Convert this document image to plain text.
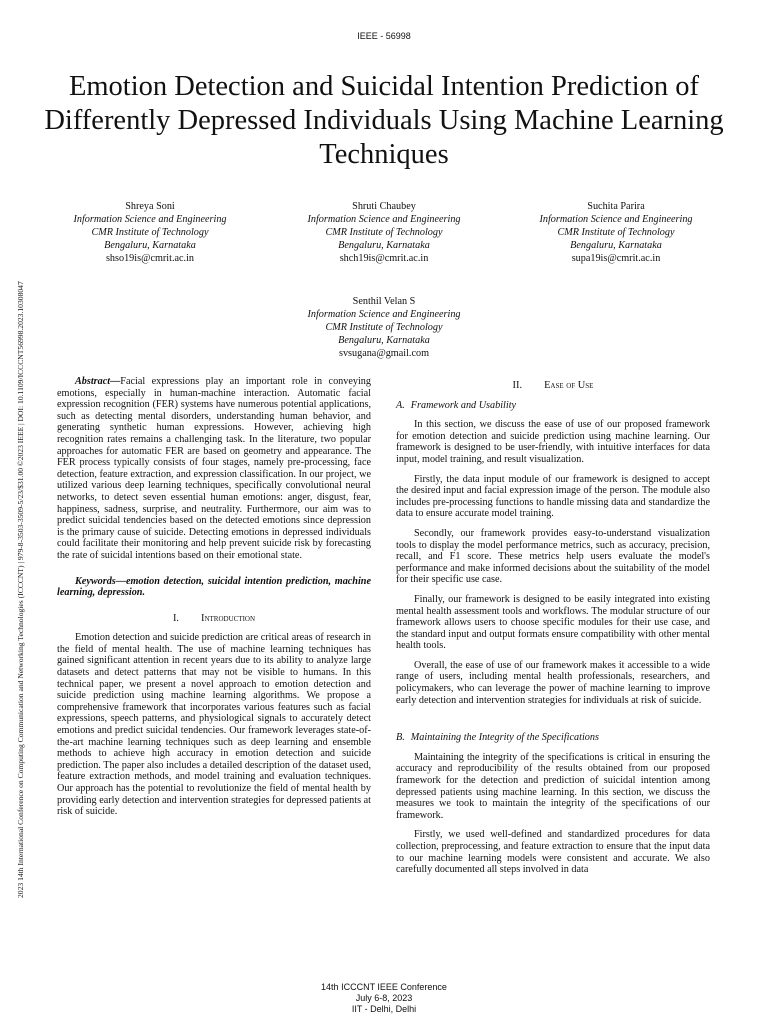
IEEE - 56998
2023 14th International Conference on Computing Communication and Networking Technologies (ICCCNT) | 979-8-3503-3509-5/23/$31.00 ©2023 IEEE | DOI: 10.1109/ICCCNT56998.2023.10308047
Emotion Detection and Suicidal Intention Prediction of Differently Depressed Individuals Using Machine Learning Techniques
Shreya Soni
Information Science and Engineering
CMR Institute of Technology
Bengaluru, Karnataka
shso19is@cmrit.ac.in
Shruti Chaubey
Information Science and Engineering
CMR Institute of Technology
Bengaluru, Karnataka
shch19is@cmrit.ac.in
Suchita Parira
Information Science and Engineering
CMR Institute of Technology
Bengaluru, Karnataka
supa19is@cmrit.ac.in
Senthil Velan S
Information Science and Engineering
CMR Institute of Technology
Bengaluru, Karnataka
svsugana@gmail.com

Abstract—Facial expressions play an important role in conveying emotions, especially in human-machine interaction. Automatic facial expression recognition (FER) systems have numerous potential applications, such as detecting mental disorders, understanding human behavior, and generating synthetic human expressions. However, achieving high recognition rates remains a challenging task. In the literature, two popular approaches for automatic FER are based on geometry and appearance. The FER process typically consists of four stages, namely pre-processing, face detection, feature extraction, and expression classification. In our project, we utilized various deep learning techniques, specifically convolutional neural networks, to detect seven essential human emotions: anger, disgust, fear, happiness, sadness, surprise, and neutrality. Furthermore, our aim was to predict suicidal tendencies based on the detected emotions since depression is the primary cause of suicide. Detecting emotions in depressed individuals could facilitate their monitoring and help prevent suicide risk by forecasting the rate of suicidal intentions based on their emotional state.

Keywords—emotion detection, suicidal intention prediction, machine learning, depression.

I. Introduction

Emotion detection and suicide prediction are critical areas of research in the field of mental health. The use of machine learning techniques has gained significant attention in recent years due to its ability to analyze large datasets and detect patterns that may not be visible to humans. In this technical paper, we present a novel approach to emotion detection and suicide prediction using machine learning algorithms. We propose a comprehensive framework that incorporates various features such as facial expressions, speech patterns, and physiological signals to accurately detect emotions and predict suicidal tendencies. Our framework leverages state-of-the-art machine learning techniques such as deep learning and ensemble methods to achieve high accuracy in emotion detection and suicide prediction. The paper also includes a detailed description of the dataset used, feature extraction methods, and model training and evaluation techniques. Our approach has the potential to revolutionize the field of mental health by providing early detection and intervention strategies for depressed patients at risk of suicide.

II. Ease of Use
A. Framework and Usability

In this section, we discuss the ease of use of our proposed framework for emotion detection and suicide prediction using machine learning. Our framework is designed to be user-friendly, with intuitive interfaces for data input, model training, and result visualization.

Firstly, the data input module of our framework is designed to accept the desired input and facial expression image of the person. The module also includes pre-processing functions to handle missing data and standardize the data to ensure accurate model training.

Secondly, our framework provides easy-to-understand visualization tools to display the model performance metrics, such as accuracy, precision, recall, and F1 score. These metrics help users evaluate the model's performance and make informed decisions about the suitability of the model for their specific use case.

Finally, our framework is designed to be easily integrated into existing mental health assessment tools and workflows. The modular structure of our framework allows users to choose specific modules for their use case, and the standard input and output formats ensure compatibility with other mental health tools.

Overall, the ease of use of our framework makes it accessible to a wide range of users, including mental health professionals, researchers, and policymakers, who can leverage the power of machine learning to improve early detection and intervention strategies for individuals at risk of suicide.

B. Maintaining the Integrity of the Specifications

Maintaining the integrity of the specifications is critical in ensuring the accuracy and reproducibility of the results obtained from our proposed framework for the detection and prediction of suicidal intention among depressed patients using machine learning. In this section, we discuss the measures we took to maintain the integrity of the specifications of our framework.

Firstly, we used well-defined and standardized procedures for data collection, preprocessing, and feature extraction to ensure that the input data to our machine learning models were consistent and accurate. We also carefully documented all steps involved in data

14th ICCCNT IEEE Conference
July 6-8, 2023
IIT - Delhi, Delhi
